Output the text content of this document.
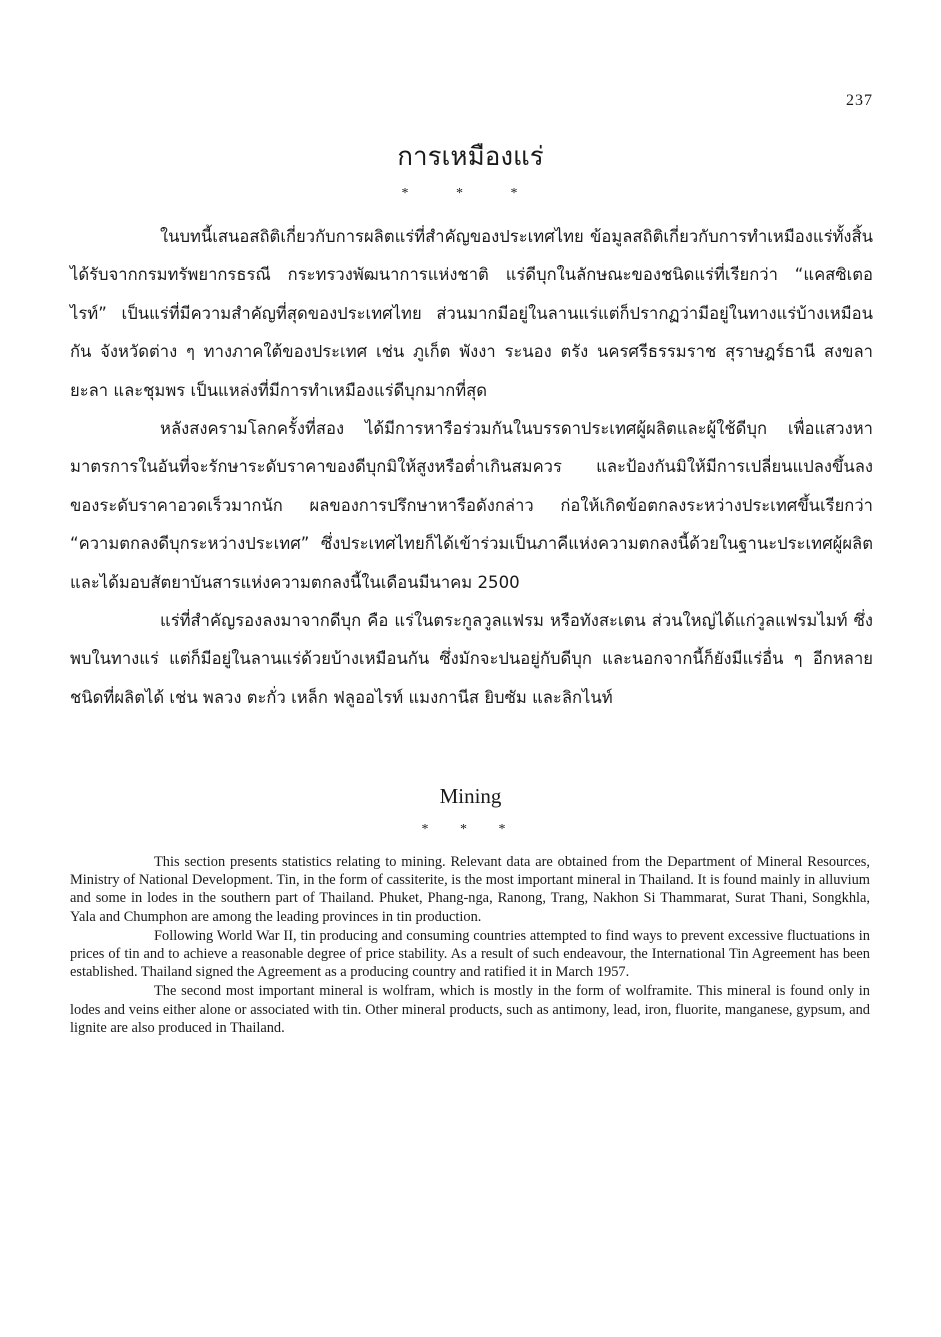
237
การเหมืองแร่
* * *

ในบทนี้เสนอสถิติเกี่ยวกับการผลิตแร่ที่สำคัญของประเทศไทย ข้อมูลสถิติเกี่ยวกับการทำเหมืองแร่ทั้งสิ้น ได้รับจากกรมทรัพยากรธรณี กระทรวงพัฒนาการแห่งชาติ แร่ดีบุกในลักษณะของชนิดแร่ที่เรียกว่า “แคสซิเตอไรท์” เป็นแร่ที่มีความสำคัญที่สุดของประเทศไทย ส่วนมากมีอยู่ในลานแร่แต่ก็ปรากฏว่ามีอยู่ในทางแร่บ้างเหมือนกัน จังหวัดต่าง ๆ ทางภาคใต้ของประเทศ เช่น ภูเก็ต พังงา ระนอง ตรัง นครศรีธรรมราช สุราษฎร์ธานี สงขลา ยะลา และชุมพร เป็นแหล่งที่มีการทำเหมืองแร่ดีบุกมากที่สุด

หลังสงครามโลกครั้งที่สอง ได้มีการหารือร่วมกันในบรรดาประเทศผู้ผลิตและผู้ใช้ดีบุก เพื่อแสวงหามาตรการในอันที่จะรักษาระดับราคาของดีบุกมิให้สูงหรือต่ำเกินสมควร และป้องกันมิให้มีการเปลี่ยนแปลงขึ้นลงของระดับราคาอวดเร็วมากนัก ผลของการปรึกษาหารือดังกล่าว ก่อให้เกิดข้อตกลงระหว่างประเทศขึ้นเรียกว่า “ความตกลงดีบุกระหว่างประเทศ” ซึ่งประเทศไทยก็ได้เข้าร่วมเป็นภาคีแห่งความตกลงนี้ด้วยในฐานะประเทศผู้ผลิตและได้มอบสัตยาบันสารแห่งความตกลงนี้ในเดือนมีนาคม 2500

แร่ที่สำคัญรองลงมาจากดีบุก คือ แร่ในตระกูลวูลแฟรม หรือทังสะเตน ส่วนใหญ่ได้แก่วูลแฟรมไมท์ ซึ่งพบในทางแร่ แต่ก็มีอยู่ในลานแร่ด้วยบ้างเหมือนกัน ซึ่งมักจะปนอยู่กับดีบุก และนอกจากนี้ก็ยังมีแร่อื่น ๆ อีกหลายชนิดที่ผลิตได้ เช่น พลวง ตะกั่ว เหล็ก ฟลูออไรท์ แมงกานีส ยิบซัม และลิกไนท์

Mining
* * *

This section presents statistics relating to mining. Relevant data are obtained from the Department of Mineral Resources, Ministry of National Development. Tin, in the form of cassiterite, is the most important mineral in Thailand. It is found mainly in alluvium and some in lodes in the southern part of Thailand. Phuket, Phang-nga, Ranong, Trang, Nakhon Si Thammarat, Surat Thani, Songkhla, Yala and Chumphon are among the leading provinces in tin production.

Following World War II, tin producing and consuming countries attempted to find ways to prevent excessive fluctuations in prices of tin and to achieve a reasonable degree of price stability. As a result of such endeavour, the International Tin Agreement has been established. Thailand signed the Agreement as a producing country and ratified it in March 1957.

The second most important mineral is wolfram, which is mostly in the form of wolframite. This mineral is found only in lodes and veins either alone or associated with tin. Other mineral products, such as antimony, lead, iron, fluorite, manganese, gypsum, and lignite are also produced in Thailand.
